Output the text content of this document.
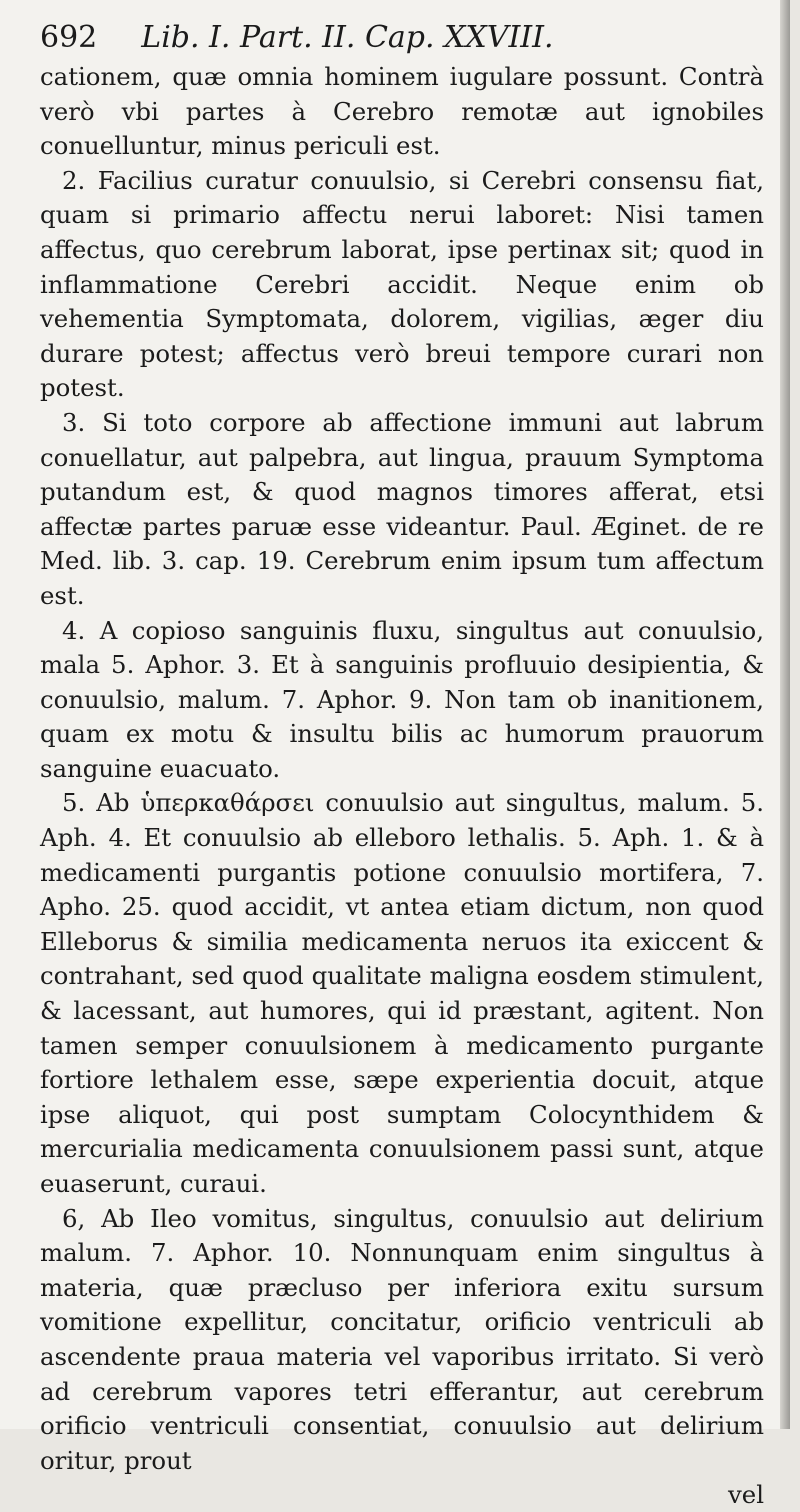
692 Lib. I. Part. II. Cap. XXVIII.

cationem, quæ omnia hominem iugulare possunt. Contrà verò vbi partes à Cerebro remotæ aut ignobiles conuelluntur, minus periculi est.

2. Facilius curatur conuulsio, si Cerebri consensu fiat, quam si primario affectu nerui laboret: Nisi tamen affectus, quo cerebrum laborat, ipse pertinax sit; quod in inflammatione Cerebri accidit. Neque enim ob vehementia Symptomata, dolorem, vigilias, æger diu durare potest; affectus verò breui tempore curari non potest.

3. Si toto corpore ab affectione immuni aut labrum conuellatur, aut palpebra, aut lingua, prauum Symptoma putandum est, & quod magnos timores afferat, etsi affectæ partes paruæ esse videantur. Paul. Æginet. de re Med. lib. 3. cap. 19. Cerebrum enim ipsum tum affectum est.

4. A copioso sanguinis fluxu, singultus aut conuulsio, mala 5. Aphor. 3. Et à sanguinis profluuio desipientia, & conuulsio, malum. 7. Aphor. 9. Non tam ob inanitionem, quam ex motu & insultu bilis ac humorum prauorum sanguine euacuato.

5. Ab ὑπερκαθάρσει conuulsio aut singultus, malum. 5. Aph. 4. Et conuulsio ab elleboro lethalis. 5. Aph. 1. & à medicamenti purgantis potione conuulsio mortifera, 7. Apho. 25. quod accidit, vt antea etiam dictum, non quod Elleborus & similia medicamenta neruos ita exiccent & contrahant, sed quod qualitate maligna eosdem stimulent, & lacessant, aut humores, qui id præstant, agitent. Non tamen semper conuulsionem à medicamento purgante fortiore lethalem esse, sæpe experientia docuit, atque ipse aliquot, qui post sumptam Colocynthidem & mercurialia medicamenta conuulsionem passi sunt, atque euaserunt, curaui.

6, Ab Ileo vomitus, singultus, conuulsio aut delirium malum. 7. Aphor. 10. Nonnunquam enim singultus à materia, quæ præcluso per inferiora exitu sursum vomitione expellitur, concitatur, orificio ventriculi ab ascendente praua materia vel vaporibus irritato. Si verò ad cerebrum vapores tetri efferantur, aut cerebrum orificio ventriculi consentiat, conuulsio aut delirium oritur, prout

vel
